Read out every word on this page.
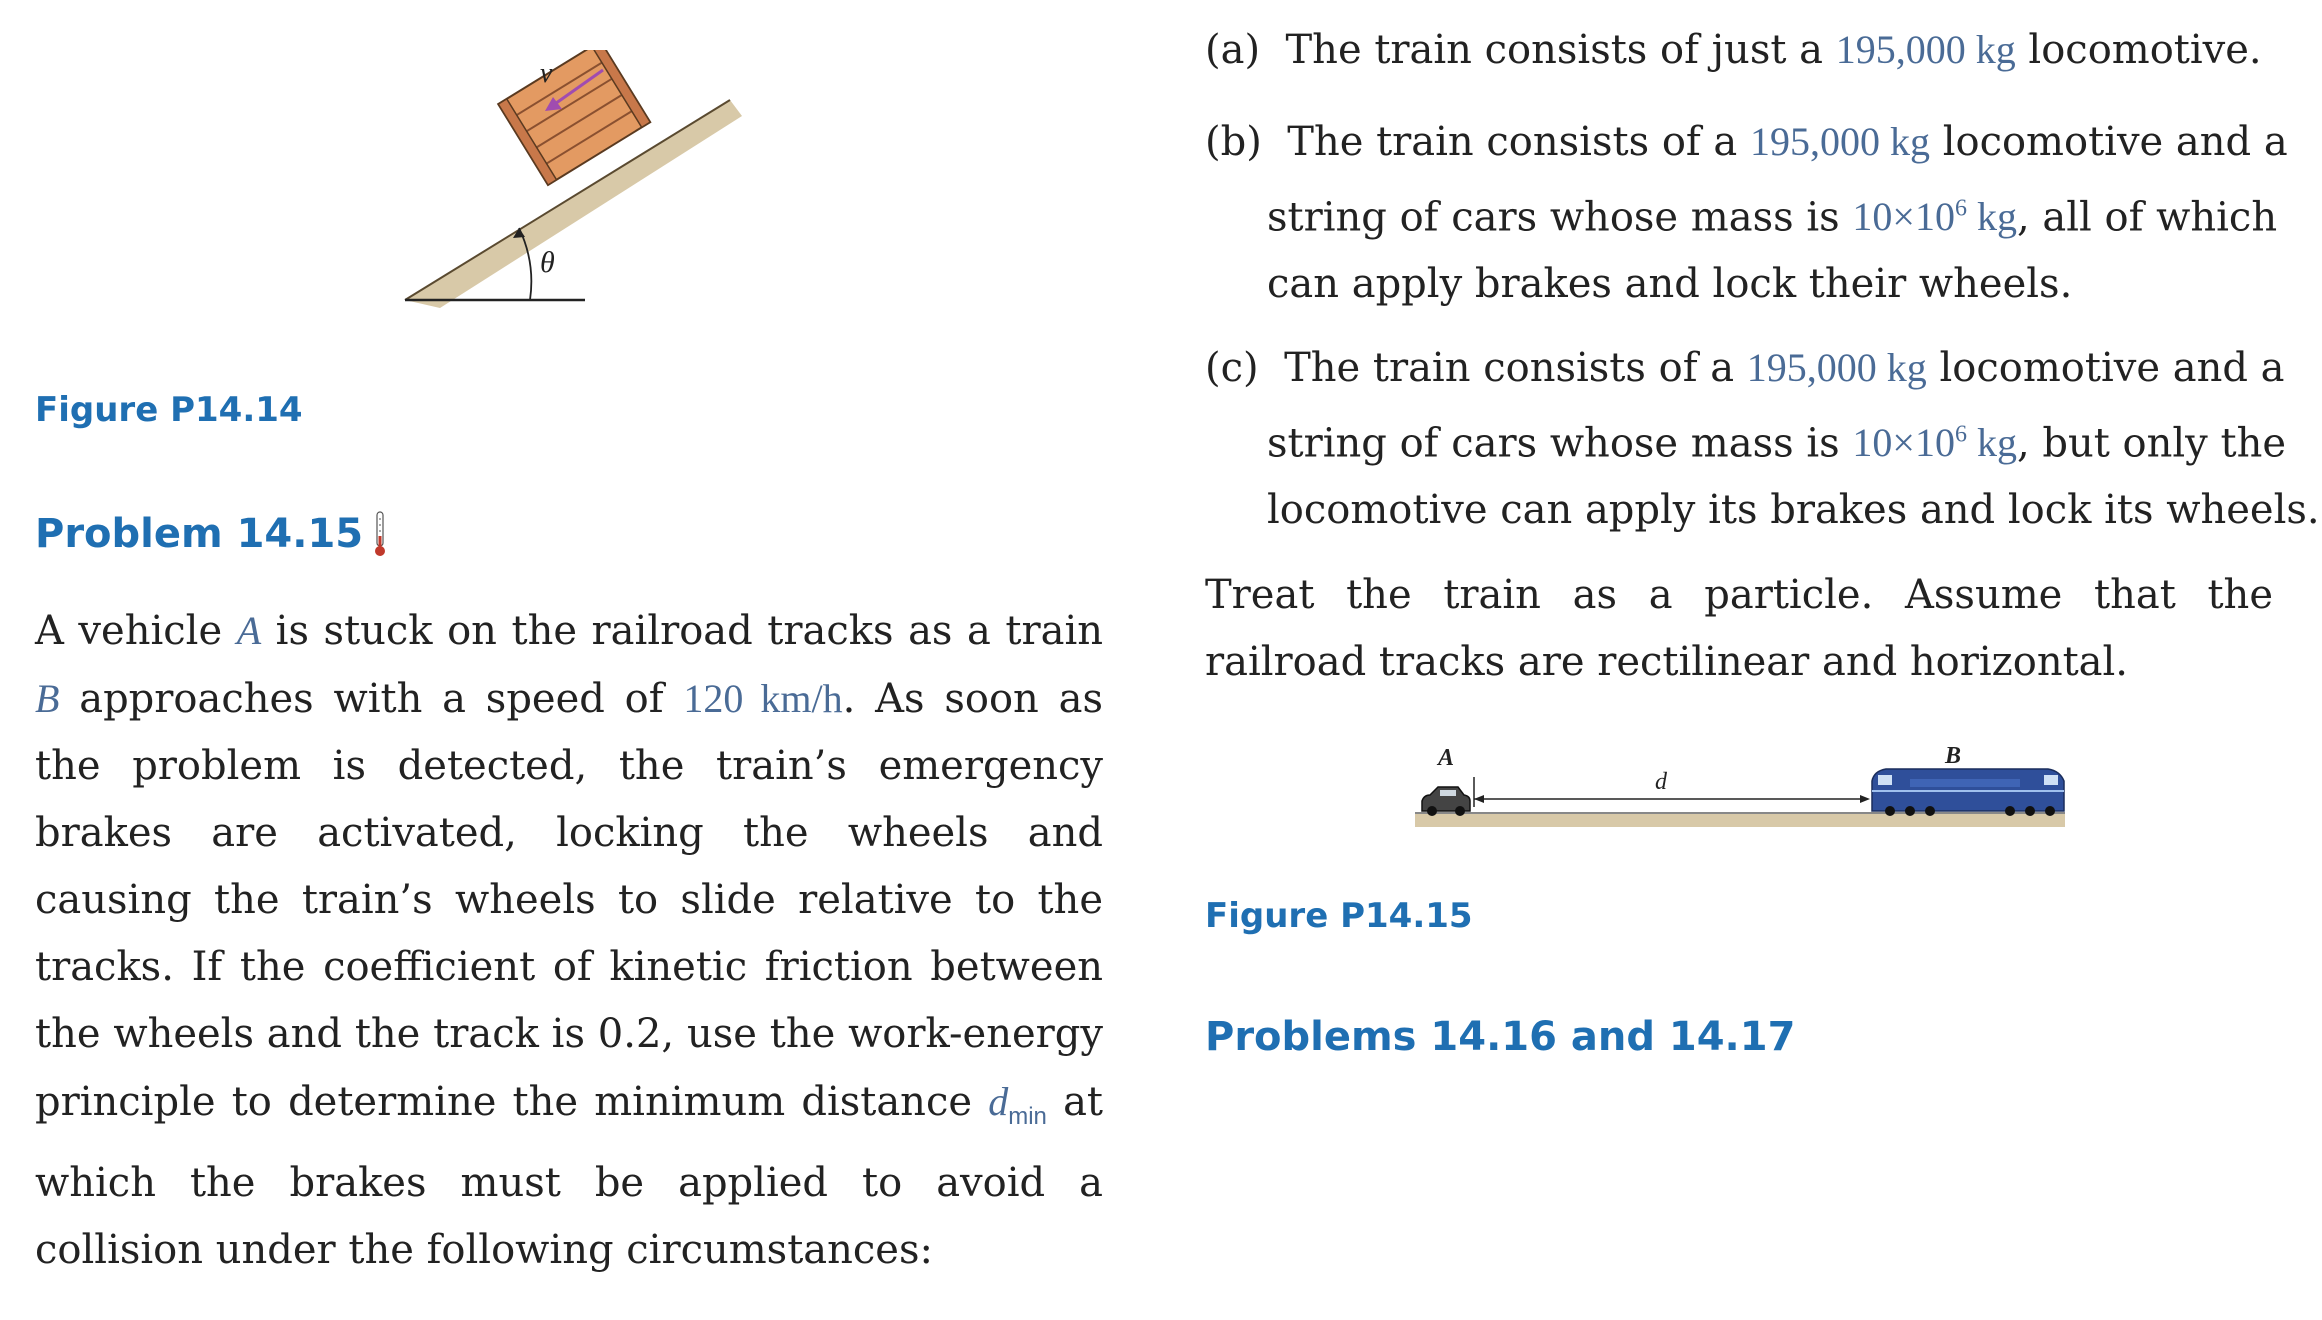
θ
v
Figure P14.14
Problem 14.15
A vehicle A is stuck on the railroad tracks as a train B approaches with a speed of 120 km/h. As soon as the problem is detected, the train’s emergency brakes are activated, locking the wheels and causing the train’s wheels to slide relative to the tracks. If the coefficient of kinetic friction between the wheels and the track is 0.2, use the work-energy principle to determine the minimum distance $d_{min}$ at which the brakes must be applied to avoid a collision under the following circumstances:
(a) The train consists of just a 195,000 kg locomotive.
(b) The train consists of a 195,000 kg locomotive and a
string of cars whose mass is $10\times 10^6$ kg, all of which
can apply brakes and lock their wheels.
(c) The train consists of a 195,000 kg locomotive and a
string of cars whose mass is $10\times 10^6$ kg, but only the
locomotive can apply its brakes and lock its wheels.
Treat the train as a particle. Assume that the railroad tracks are rectilinear and horizontal.
A
d
B
Figure P14.15
Problems 14.16 and 14.17
